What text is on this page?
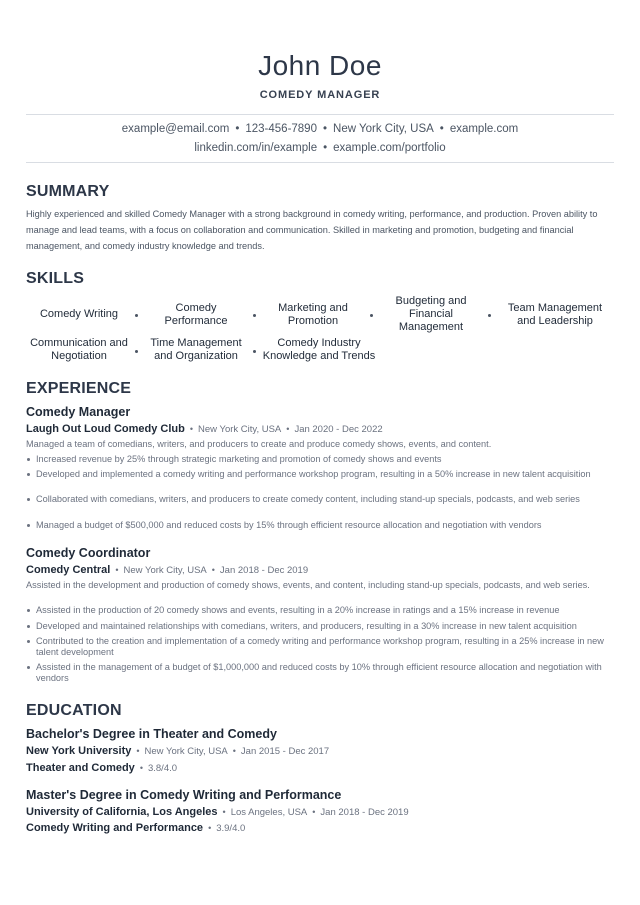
John Doe
COMEDY MANAGER
example@email.com • 123-456-7890 • New York City, USA • example.com
linkedin.com/in/example • example.com/portfolio
SUMMARY
Highly experienced and skilled Comedy Manager with a strong background in comedy writing, performance, and production. Proven ability to manage and lead teams, with a focus on collaboration and communication. Skilled in marketing and promotion, budgeting and financial management, and comedy industry knowledge and trends.
SKILLS
Comedy Writing	Comedy Performance
Marketing and Promotion
Budgeting and Financial Management
Team Management and Leadership
Communication and Negotiation
Time Management and Organization
Comedy Industry Knowledge and Trends
EXPERIENCE
Comedy Manager
Laugh Out Loud Comedy Club • New York City, USA • Jan 2020 - Dec 2022
Managed a team of comedians, writers, and producers to create and produce comedy shows, events, and content.
Increased revenue by 25% through strategic marketing and promotion of comedy shows and events
Developed and implemented a comedy writing and performance workshop program, resulting in a 50% increase in new talent acquisition
Collaborated with comedians, writers, and producers to create comedy content, including stand-up specials, podcasts, and web series
Managed a budget of $500,000 and reduced costs by 15% through efficient resource allocation and negotiation with vendors
Comedy Coordinator
Comedy Central • New York City, USA • Jan 2018 - Dec 2019
Assisted in the development and production of comedy shows, events, and content, including stand-up specials, podcasts, and web series.
Assisted in the production of 20 comedy shows and events, resulting in a 20% increase in ratings and a 15% increase in revenue
Developed and maintained relationships with comedians, writers, and producers, resulting in a 30% increase in new talent acquisition
Contributed to the creation and implementation of a comedy writing and performance workshop program, resulting in a 25% increase in new talent development
Assisted in the management of a budget of $1,000,000 and reduced costs by 10% through efficient resource allocation and negotiation with vendors
EDUCATION
Bachelor's Degree in Theater and Comedy
New York University • New York City, USA • Jan 2015 - Dec 2017
Theater and Comedy • 3.8/4.0
Master's Degree in Comedy Writing and Performance
University of California, Los Angeles • Los Angeles, USA • Jan 2018 - Dec 2019
Comedy Writing and Performance • 3.9/4.0
